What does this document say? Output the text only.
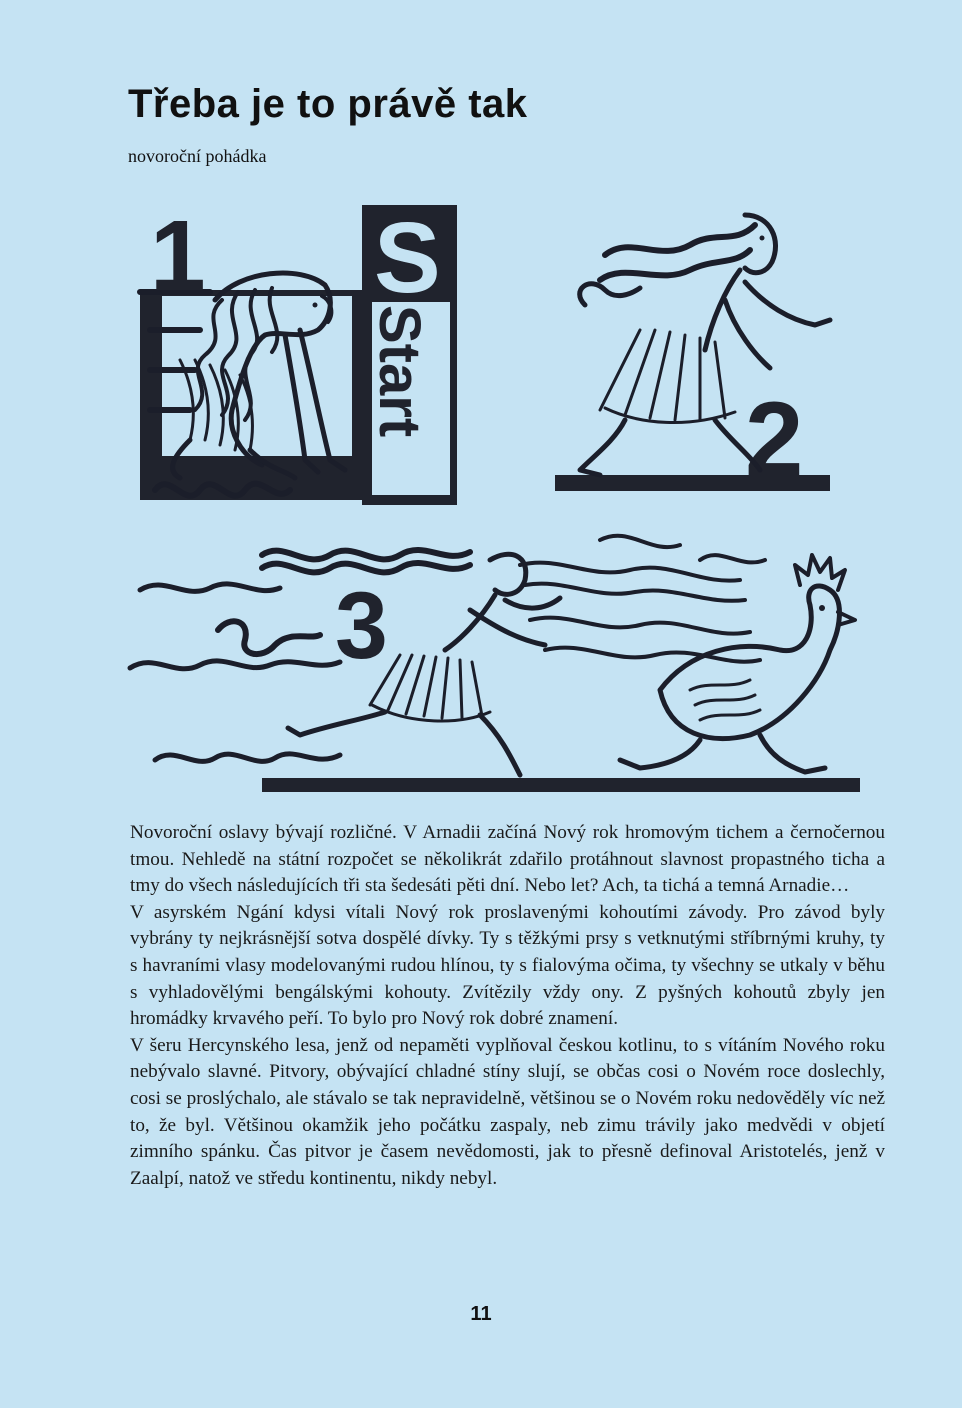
Třeba je to právě tak
novoroční pohádka
1 S
Start
2
3

Novoroční oslavy bývají rozličné. V Arnadii začíná Nový rok hromovým tichem a černočernou tmou. Nehledě na státní rozpočet se několikrát zdařilo protáhnout slavnost propastného ticha a tmy do všech následujících tři sta šedesáti pěti dní. Nebo let? Ach, ta tichá a temná Arnadie…

V asyrském Ngání kdysi vítali Nový rok proslavenými kohoutími závody. Pro závod byly vybrány ty nejkrásnější sotva dospělé dívky. Ty s těžkými prsy s vetknutými stříbrnými kruhy, ty s havraními vlasy modelovanými rudou hlínou, ty s fialovýma očima, ty všechny se utkaly v běhu s vyhladovělými bengálskými kohouty. Zvítězily vždy ony. Z pyšných kohoutů zbyly jen hromádky krvavého peří. To bylo pro Nový rok dobré znamení.

V šeru Hercynského lesa, jenž od nepaměti vyplňoval českou kotlinu, to s vítáním Nového roku nebývalo slavné. Pitvory, obývající chladné stíny slují, se občas cosi o Novém roce doslechly, cosi se proslýchalo, ale stávalo se tak nepravidelně, většinou se o Novém roku nedověděly víc než to, že byl. Většinou okamžik jeho počátku zaspaly, neb zimu trávily jako medvědi v objetí zimního spánku. Čas pitvor je časem nevědomosti, jak to přesně definoval Aristotelés, jenž v Zaalpí, natož ve středu kontinentu, nikdy nebyl.

11
